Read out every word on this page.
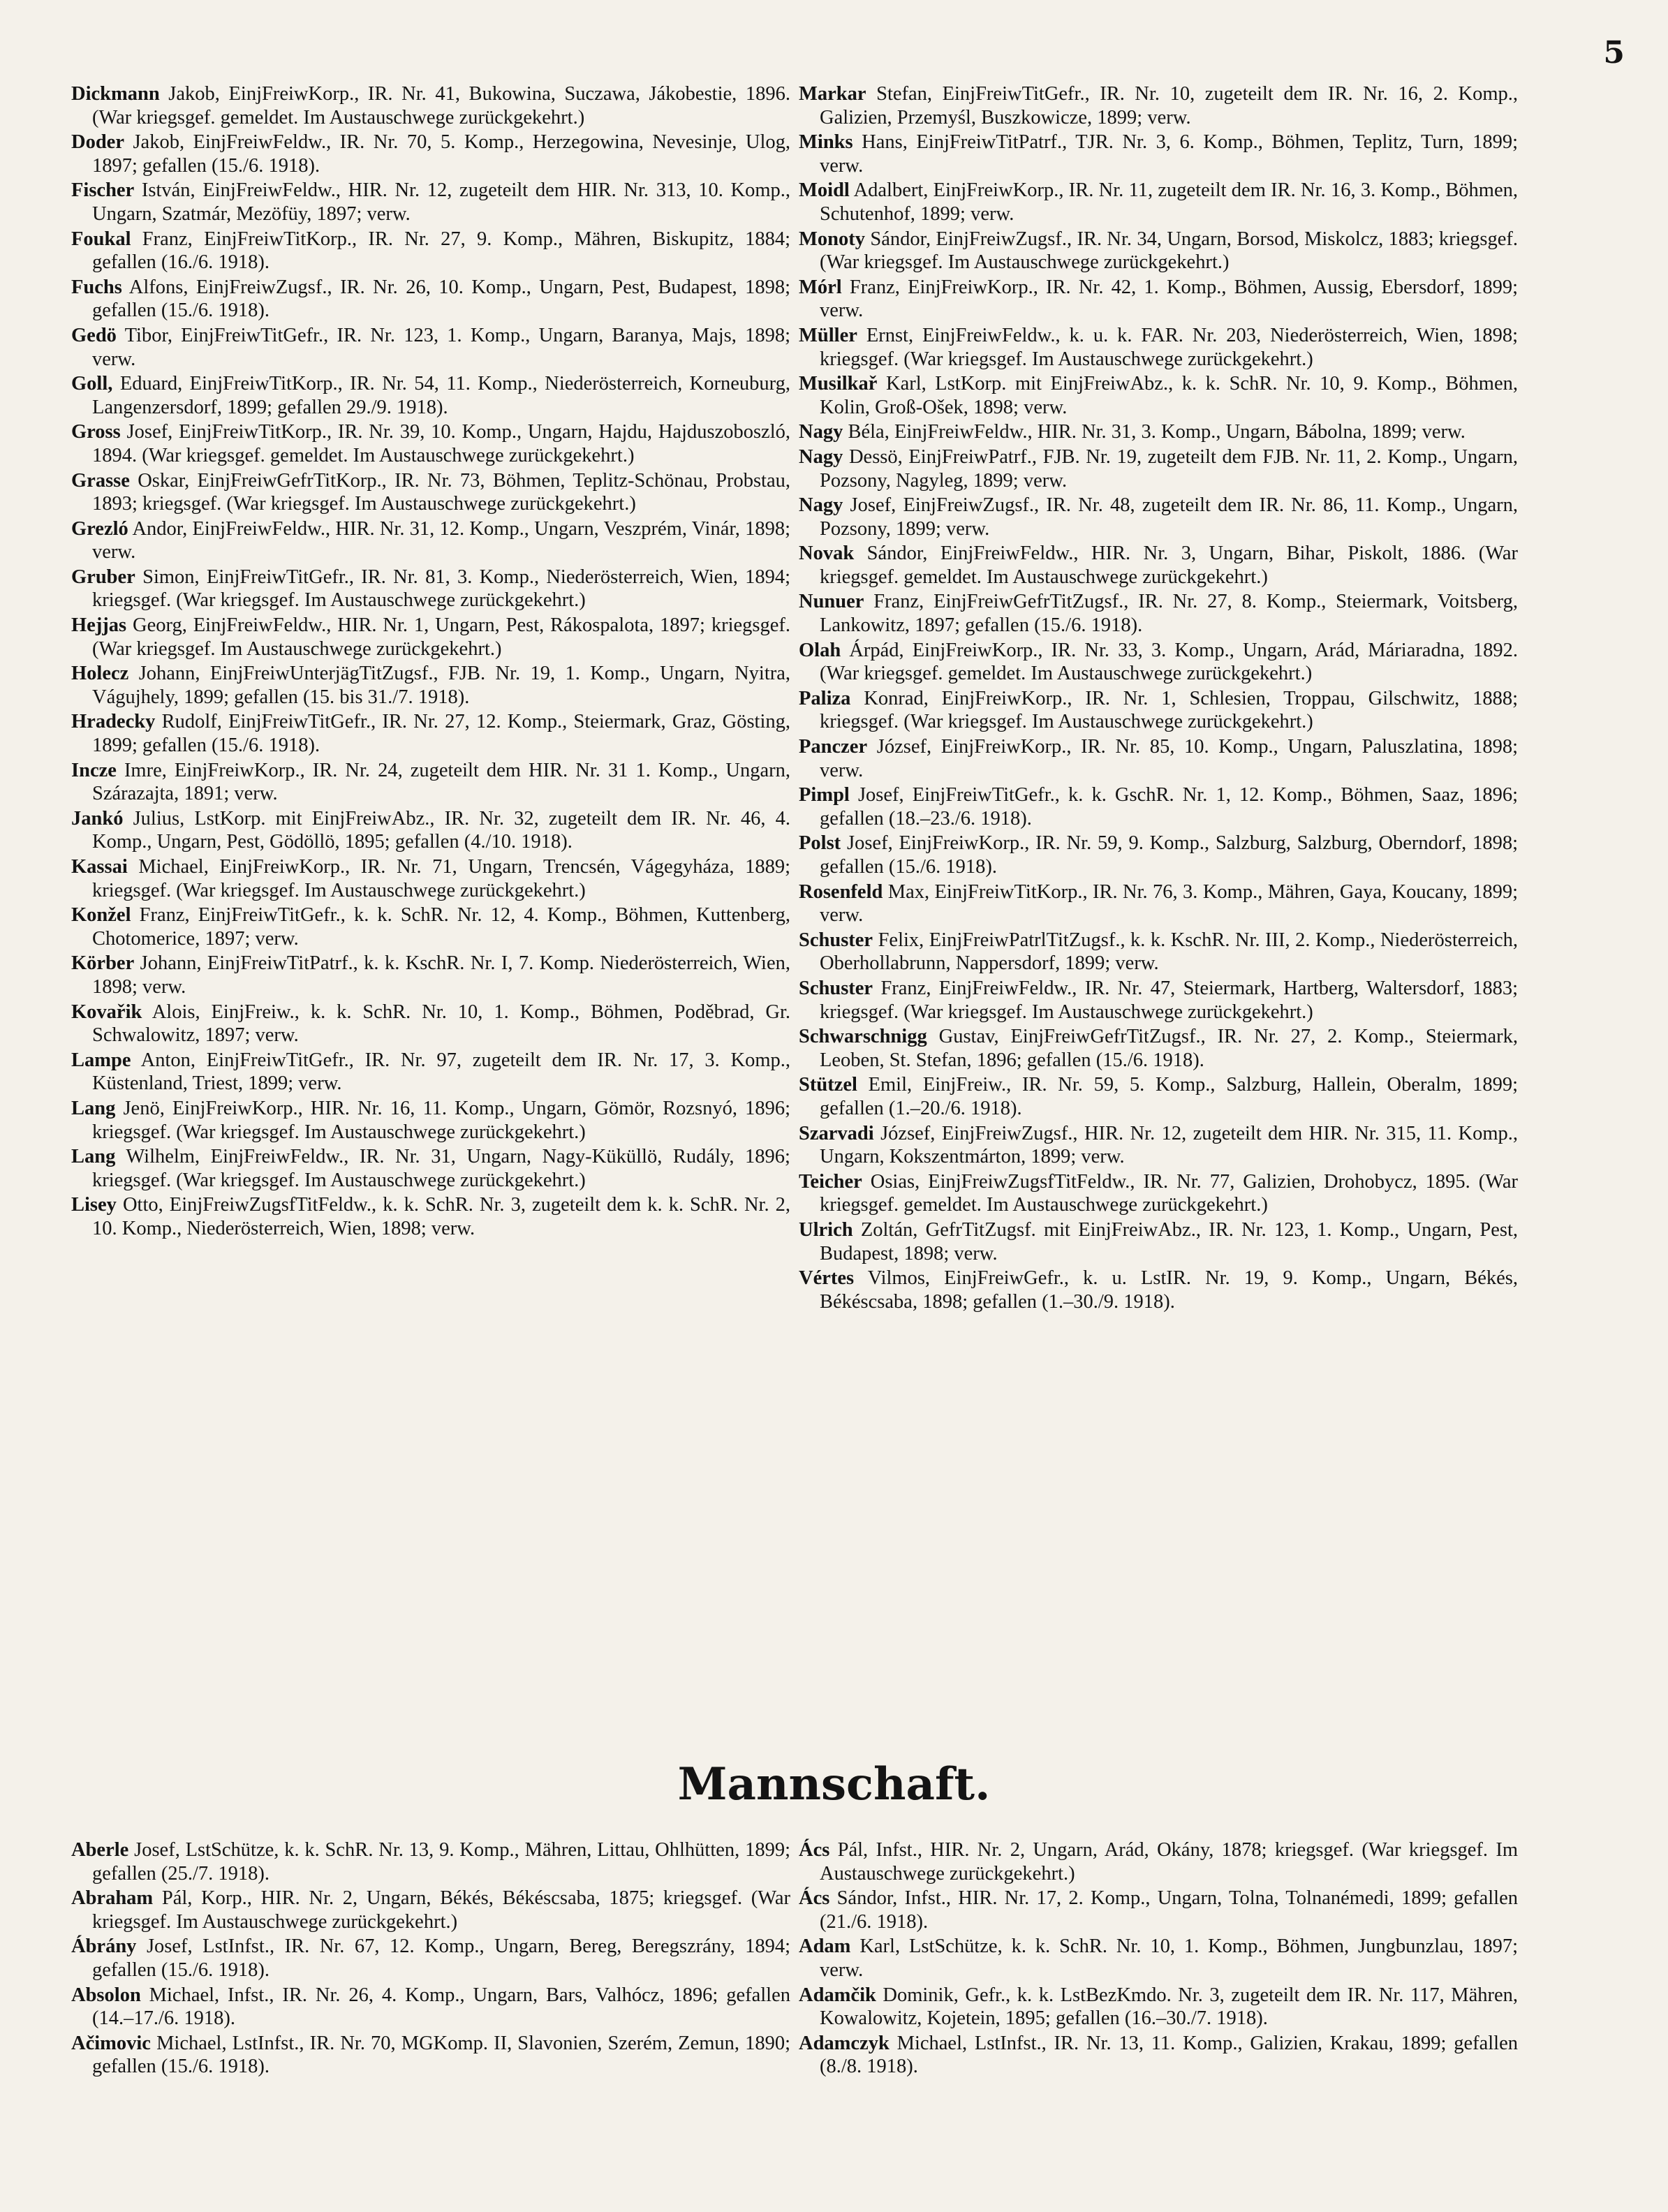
5

Dickmann Jakob, EinjFreiwKorp., IR. Nr. 41, Bukowina, Suczawa, Jákobestie, 1896. (War kriegsgef. gemeldet. Im Austauschwege zurückgekehrt.)

Doder Jakob, EinjFreiwFeldw., IR. Nr. 70, 5. Komp., Herzegowina, Nevesinje, Ulog, 1897; gefallen (15./6. 1918).

Fischer István, EinjFreiwFeldw., HIR. Nr. 12, zugeteilt dem HIR. Nr. 313, 10. Komp., Ungarn, Szatmár, Mezöfüy, 1897; verw.

Foukal Franz, EinjFreiwTitKorp., IR. Nr. 27, 9. Komp., Mähren, Biskupitz, 1884; gefallen (16./6. 1918).

Fuchs Alfons, EinjFreiwZugsf., IR. Nr. 26, 10. Komp., Ungarn, Pest, Budapest, 1898; gefallen (15./6. 1918).

Gedö Tibor, EinjFreiwTitGefr., IR. Nr. 123, 1. Komp., Ungarn, Baranya, Majs, 1898; verw.

Goll, Eduard, EinjFreiwTitKorp., IR. Nr. 54, 11. Komp., Niederösterreich, Korneuburg, Langenzersdorf, 1899; gefallen 29./9. 1918).

Gross Josef, EinjFreiwTitKorp., IR. Nr. 39, 10. Komp., Ungarn, Hajdu, Hajduszoboszló, 1894. (War kriegsgef. gemeldet. Im Austauschwege zurückgekehrt.)

Grasse Oskar, EinjFreiwGefrTitKorp., IR. Nr. 73, Böhmen, Teplitz-Schönau, Probstau, 1893; kriegsgef. (War kriegsgef. Im Austauschwege zurückgekehrt.)

Grezló Andor, EinjFreiwFeldw., HIR. Nr. 31, 12. Komp., Ungarn, Veszprém, Vinár, 1898; verw.

Gruber Simon, EinjFreiwTitGefr., IR. Nr. 81, 3. Komp., Niederösterreich, Wien, 1894; kriegsgef. (War kriegsgef. Im Austauschwege zurückgekehrt.)

Hejjas Georg, EinjFreiwFeldw., HIR. Nr. 1, Ungarn, Pest, Rákospalota, 1897; kriegsgef. (War kriegsgef. Im Austauschwege zurückgekehrt.)

Holecz Johann, EinjFreiwUnterjägTitZugsf., FJB. Nr. 19, 1. Komp., Ungarn, Nyitra, Vágujhely, 1899; gefallen (15. bis 31./7. 1918).

Hradecky Rudolf, EinjFreiwTitGefr., IR. Nr. 27, 12. Komp., Steiermark, Graz, Gösting, 1899; gefallen (15./6. 1918).

Incze Imre, EinjFreiwKorp., IR. Nr. 24, zugeteilt dem HIR. Nr. 31 1. Komp., Ungarn, Szárazajta, 1891; verw.

Jankó Julius, LstKorp. mit EinjFreiwAbz., IR. Nr. 32, zugeteilt dem IR. Nr. 46, 4. Komp., Ungarn, Pest, Gödöllö, 1895; gefallen (4./10. 1918).

Kassai Michael, EinjFreiwKorp., IR. Nr. 71, Ungarn, Trencsén, Vágegyháza, 1889; kriegsgef. (War kriegsgef. Im Austauschwege zurückgekehrt.)

Konžel Franz, EinjFreiwTitGefr., k. k. SchR. Nr. 12, 4. Komp., Böhmen, Kuttenberg, Chotomerice, 1897; verw.

Körber Johann, EinjFreiwTitPatrf., k. k. KschR. Nr. I, 7. Komp. Niederösterreich, Wien, 1898; verw.

Kovařik Alois, EinjFreiw., k. k. SchR. Nr. 10, 1. Komp., Böhmen, Poděbrad, Gr. Schwalowitz, 1897; verw.

Lampe Anton, EinjFreiwTitGefr., IR. Nr. 97, zugeteilt dem IR. Nr. 17, 3. Komp., Küstenland, Triest, 1899; verw.

Lang Jenö, EinjFreiwKorp., HIR. Nr. 16, 11. Komp., Ungarn, Gömör, Rozsnyó, 1896; kriegsgef. (War kriegsgef. Im Austauschwege zurückgekehrt.)

Lang Wilhelm, EinjFreiwFeldw., IR. Nr. 31, Ungarn, Nagy-Küküllö, Rudály, 1896; kriegsgef. (War kriegsgef. Im Austauschwege zurückgekehrt.)

Lisey Otto, EinjFreiwZugsfTitFeldw., k. k. SchR. Nr. 3, zugeteilt dem k. k. SchR. Nr. 2, 10. Komp., Niederösterreich, Wien, 1898; verw.

Markar Stefan, EinjFreiwTitGefr., IR. Nr. 10, zugeteilt dem IR. Nr. 16, 2. Komp., Galizien, Przemyśl, Buszkowicze, 1899; verw.

Minks Hans, EinjFreiwTitPatrf., TJR. Nr. 3, 6. Komp., Böhmen, Teplitz, Turn, 1899; verw.

Moidl Adalbert, EinjFreiwKorp., IR. Nr. 11, zugeteilt dem IR. Nr. 16, 3. Komp., Böhmen, Schutenhof, 1899; verw.

Monoty Sándor, EinjFreiwZugsf., IR. Nr. 34, Ungarn, Borsod, Miskolcz, 1883; kriegsgef. (War kriegsgef. Im Austauschwege zurückgekehrt.)

Mórl Franz, EinjFreiwKorp., IR. Nr. 42, 1. Komp., Böhmen, Aussig, Ebersdorf, 1899; verw.

Müller Ernst, EinjFreiwFeldw., k. u. k. FAR. Nr. 203, Niederösterreich, Wien, 1898; kriegsgef. (War kriegsgef. Im Austauschwege zurückgekehrt.)

Musilkař Karl, LstKorp. mit EinjFreiwAbz., k. k. SchR. Nr. 10, 9. Komp., Böhmen, Kolin, Groß-Ošek, 1898; verw.

Nagy Béla, EinjFreiwFeldw., HIR. Nr. 31, 3. Komp., Ungarn, Bábolna, 1899; verw.

Nagy Dessö, EinjFreiwPatrf., FJB. Nr. 19, zugeteilt dem FJB. Nr. 11, 2. Komp., Ungarn, Pozsony, Nagyleg, 1899; verw.

Nagy Josef, EinjFreiwZugsf., IR. Nr. 48, zugeteilt dem IR. Nr. 86, 11. Komp., Ungarn, Pozsony, 1899; verw.

Novak Sándor, EinjFreiwFeldw., HIR. Nr. 3, Ungarn, Bihar, Piskolt, 1886. (War kriegsgef. gemeldet. Im Austauschwege zurückgekehrt.)

Nunuer Franz, EinjFreiwGefrTitZugsf., IR. Nr. 27, 8. Komp., Steiermark, Voitsberg, Lankowitz, 1897; gefallen (15./6. 1918).

Olah Árpád, EinjFreiwKorp., IR. Nr. 33, 3. Komp., Ungarn, Arád, Máriaradna, 1892. (War kriegsgef. gemeldet. Im Austauschwege zurückgekehrt.)

Paliza Konrad, EinjFreiwKorp., IR. Nr. 1, Schlesien, Troppau, Gilschwitz, 1888; kriegsgef. (War kriegsgef. Im Austauschwege zurückgekehrt.)

Panczer József, EinjFreiwKorp., IR. Nr. 85, 10. Komp., Ungarn, Paluszlatina, 1898; verw.

Pimpl Josef, EinjFreiwTitGefr., k. k. GschR. Nr. 1, 12. Komp., Böhmen, Saaz, 1896; gefallen (18.–23./6. 1918).

Polst Josef, EinjFreiwKorp., IR. Nr. 59, 9. Komp., Salzburg, Salzburg, Oberndorf, 1898; gefallen (15./6. 1918).

Rosenfeld Max, EinjFreiwTitKorp., IR. Nr. 76, 3. Komp., Mähren, Gaya, Koucany, 1899; verw.

Schuster Felix, EinjFreiwPatrlTitZugsf., k. k. KschR. Nr. III, 2. Komp., Niederösterreich, Oberhollabrunn, Nappersdorf, 1899; verw.

Schuster Franz, EinjFreiwFeldw., IR. Nr. 47, Steiermark, Hartberg, Waltersdorf, 1883; kriegsgef. (War kriegsgef. Im Austauschwege zurückgekehrt.)

Schwarschnigg Gustav, EinjFreiwGefrTitZugsf., IR. Nr. 27, 2. Komp., Steiermark, Leoben, St. Stefan, 1896; gefallen (15./6. 1918).

Stützel Emil, EinjFreiw., IR. Nr. 59, 5. Komp., Salzburg, Hallein, Oberalm, 1899; gefallen (1.–20./6. 1918).

Szarvadi József, EinjFreiwZugsf., HIR. Nr. 12, zugeteilt dem HIR. Nr. 315, 11. Komp., Ungarn, Kokszentmárton, 1899; verw.

Teicher Osias, EinjFreiwZugsfTitFeldw., IR. Nr. 77, Galizien, Drohobycz, 1895. (War kriegsgef. gemeldet. Im Austauschwege zurückgekehrt.)

Ulrich Zoltán, GefrTitZugsf. mit EinjFreiwAbz., IR. Nr. 123, 1. Komp., Ungarn, Pest, Budapest, 1898; verw.

Vértes Vilmos, EinjFreiwGefr., k. u. LstIR. Nr. 19, 9. Komp., Ungarn, Békés, Békéscsaba, 1898; gefallen (1.–30./9. 1918).

Mannschaft.

Aberle Josef, LstSchütze, k. k. SchR. Nr. 13, 9. Komp., Mähren, Littau, Ohlhütten, 1899; gefallen (25./7. 1918).

Abraham Pál, Korp., HIR. Nr. 2, Ungarn, Békés, Békéscsaba, 1875; kriegsgef. (War kriegsgef. Im Austauschwege zurückgekehrt.)

Ábrány Josef, LstInfst., IR. Nr. 67, 12. Komp., Ungarn, Bereg, Beregszrány, 1894; gefallen (15./6. 1918).

Absolon Michael, Infst., IR. Nr. 26, 4. Komp., Ungarn, Bars, Valhócz, 1896; gefallen (14.–17./6. 1918).

Ačimovic Michael, LstInfst., IR. Nr. 70, MGKomp. II, Slavonien, Szerém, Zemun, 1890; gefallen (15./6. 1918).

Ács Pál, Infst., HIR. Nr. 2, Ungarn, Arád, Okány, 1878; kriegsgef. (War kriegsgef. Im Austauschwege zurückgekehrt.)

Ács Sándor, Infst., HIR. Nr. 17, 2. Komp., Ungarn, Tolna, Tolnanémedi, 1899; gefallen (21./6. 1918).

Adam Karl, LstSchütze, k. k. SchR. Nr. 10, 1. Komp., Böhmen, Jungbunzlau, 1897; verw.

Adamčik Dominik, Gefr., k. k. LstBezKmdo. Nr. 3, zugeteilt dem IR. Nr. 117, Mähren, Kowalowitz, Kojetein, 1895; gefallen (16.–30./7. 1918).

Adamczyk Michael, LstInfst., IR. Nr. 13, 11. Komp., Galizien, Krakau, 1899; gefallen (8./8. 1918).
